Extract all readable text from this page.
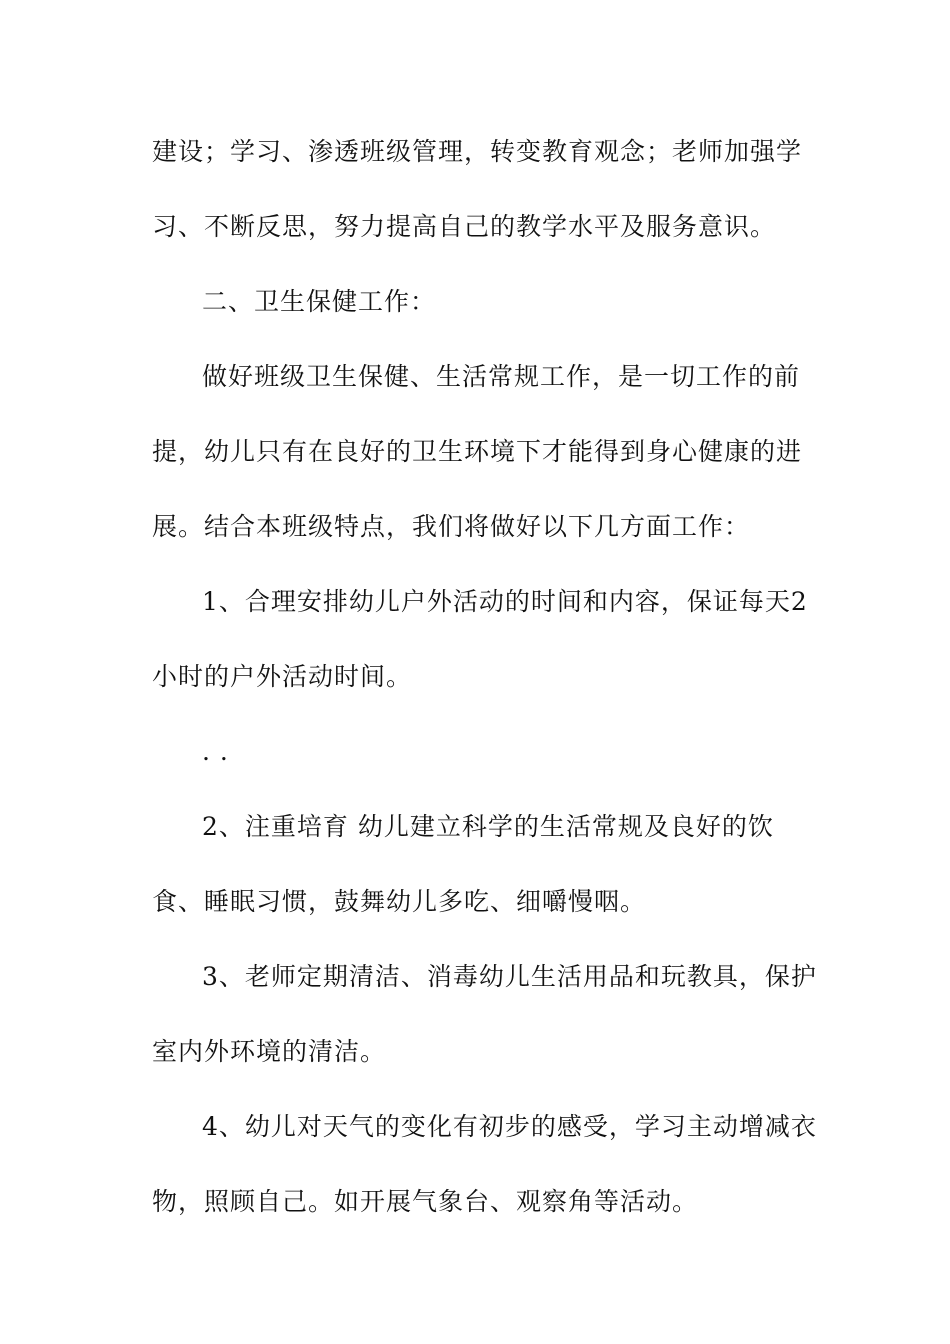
建设；学习、渗透班级管理，转变教育观念；老师加强学
习、不断反思，努力提高自己的教学水平及服务意识。
二、卫生保健工作：
做好班级卫生保健、生活常规工作，是一切工作的前
提，幼儿只有在良好的卫生环境下才能得到身心健康的进
展。结合本班级特点，我们将做好以下几方面工作：
1、合理安排幼儿户外活动的时间和内容，保证每天2
小时的户外活动时间。
. .
2、注重培育 幼儿建立科学的生活常规及良好的饮
食、睡眠习惯，鼓舞幼儿多吃、细嚼慢咽。
3、老师定期清洁、消毒幼儿生活用品和玩教具，保护
室内外环境的清洁。
4、幼儿对天气的变化有初步的感受，学习主动增减衣
物，照顾自己。如开展气象台、观察角等活动。
